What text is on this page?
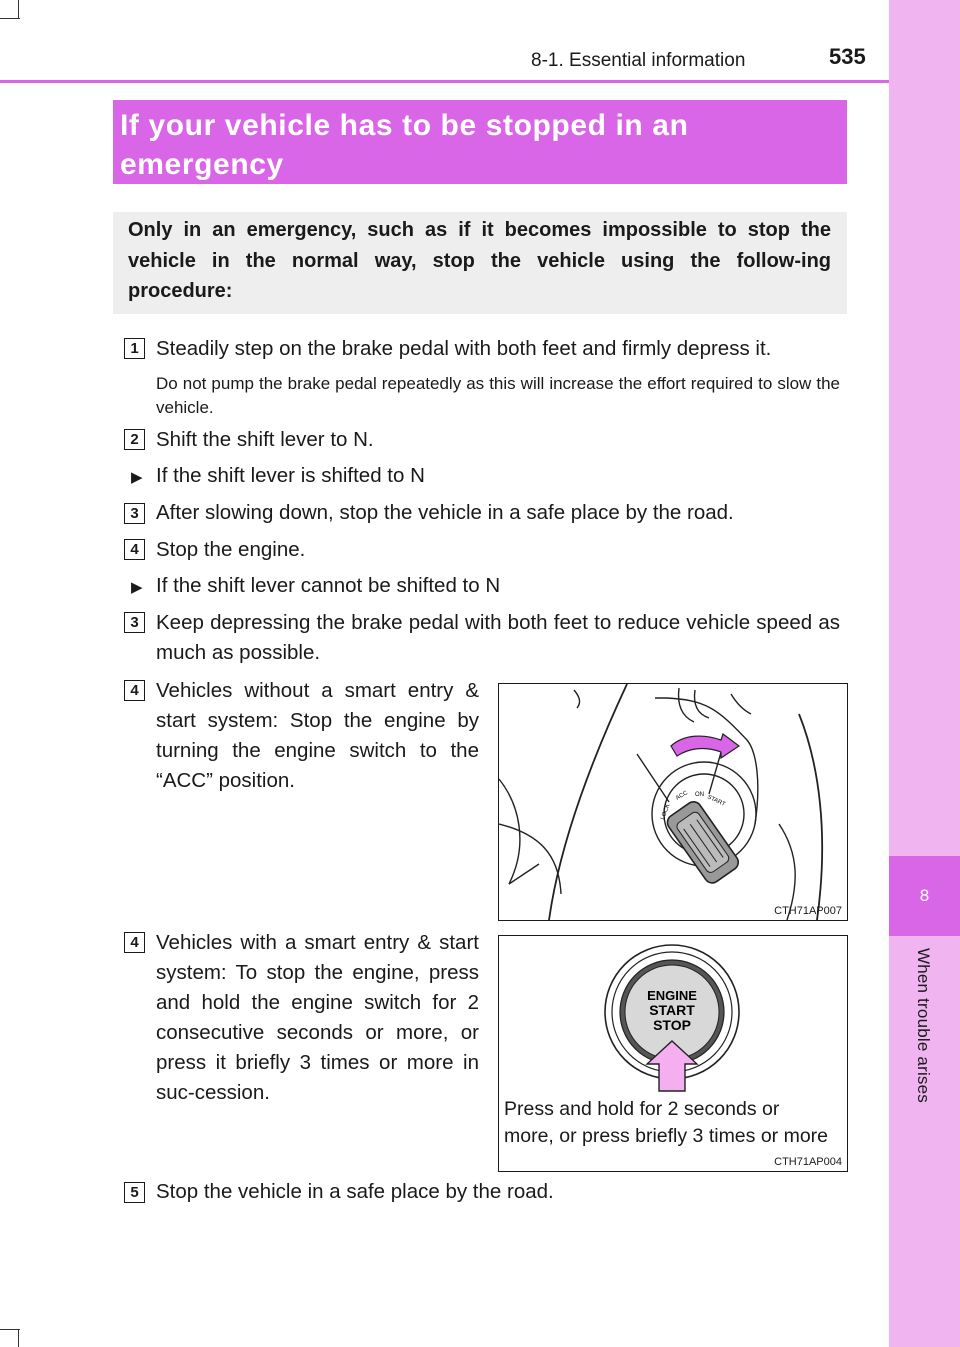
8
When trouble arises
8-1. Essential information	535
If your vehicle has to be stopped in an emergency

Only in an emergency, such as if it becomes impossible to stop the vehicle in the normal way, stop the vehicle using the follow-ing procedure:

1 Steadily step on the brake pedal with both feet and firmly depress it.
Do not pump the brake pedal repeatedly as this will increase the effort required to slow the vehicle.
2 Shift the shift lever to N.
▶ If the shift lever is shifted to N
3 After slowing down, stop the vehicle in a safe place by the road.
4 Stop the engine.
▶ If the shift lever cannot be shifted to N
3 Keep depressing the brake pedal with both feet to reduce vehicle speed as much as possible.
4 Vehicles without a smart entry & start system: Stop the engine by turning the engine switch to the “ACC” position.
LOCK
ACC ON START
CTH71AP007
4 Vehicles with a smart entry & start system: To stop the engine, press and hold the engine switch for 2 consecutive seconds or more, or press it briefly 3 times or more in suc-cession.
ENGINE
START
STOP
Press and hold for 2 seconds or
more, or press briefly 3 times or more
CTH71AP004
5 Stop the vehicle in a safe place by the road.
